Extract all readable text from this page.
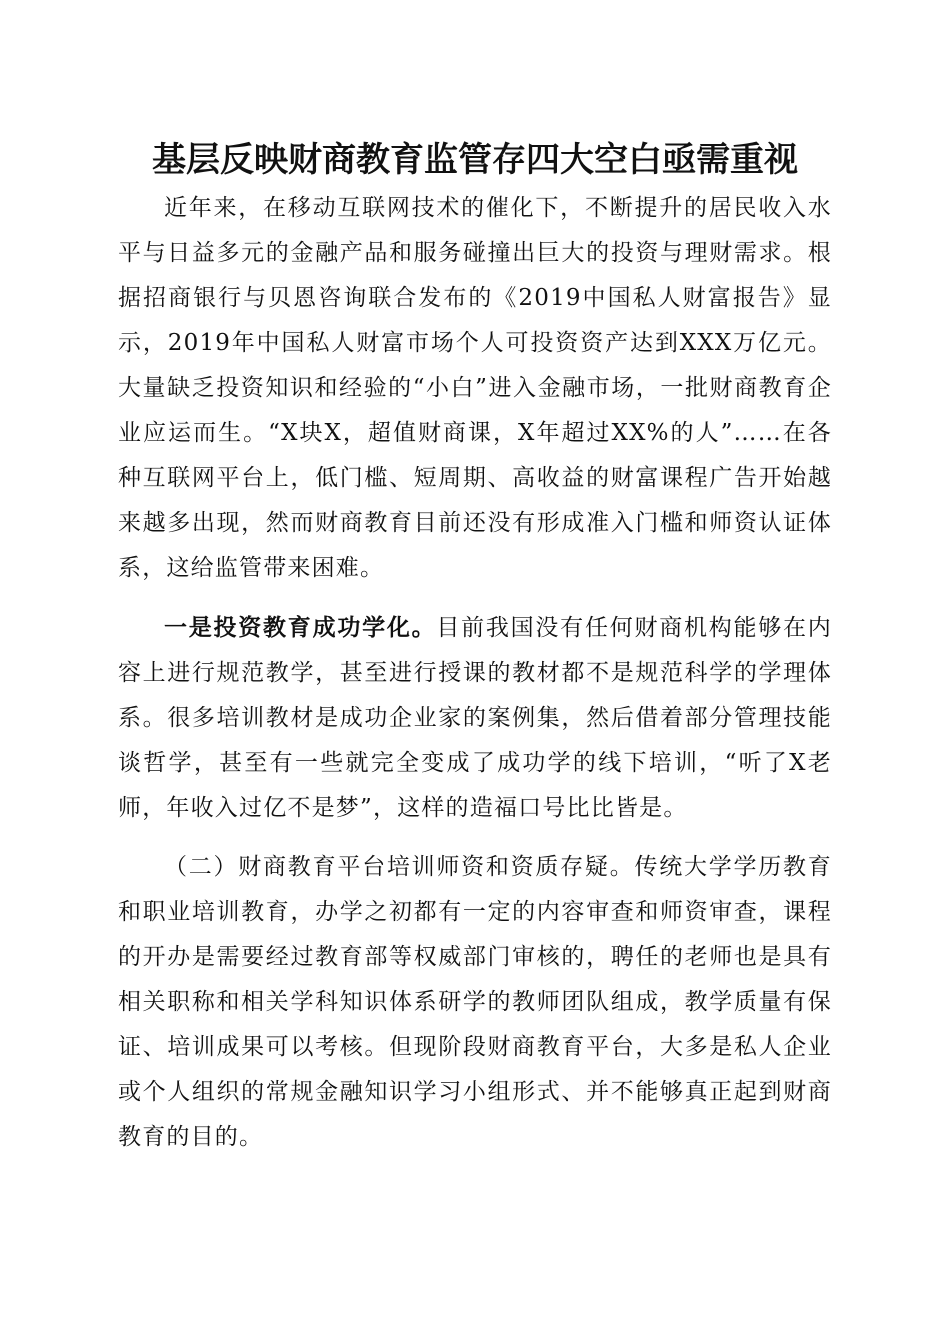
基层反映财商教育监管存四大空白亟需重视

近年来，在移动互联网技术的催化下，不断提升的居民收入水平与日益多元的金融产品和服务碰撞出巨大的投资与理财需求。根据招商银行与贝恩咨询联合发布的《2019中国私人财富报告》显示，2019年中国私人财富市场个人可投资资产达到XXX万亿元。大量缺乏投资知识和经验的“小白”进入金融市场，一批财商教育企业应运而生。“X块X，超值财商课，X年超过XX%的人”……在各种互联网平台上，低门槛、短周期、高收益的财富课程广告开始越来越多出现，然而财商教育目前还没有形成准入门槛和师资认证体系，这给监管带来困难。

一是投资教育成功学化。目前我国没有任何财商机构能够在内容上进行规范教学，甚至进行授课的教材都不是规范科学的学理体系。很多培训教材是成功企业家的案例集，然后借着部分管理技能谈哲学，甚至有一些就完全变成了成功学的线下培训，“听了X老师，年收入过亿不是梦”，这样的造福口号比比皆是。

（二）财商教育平台培训师资和资质存疑。传统大学学历教育和职业培训教育，办学之初都有一定的内容审查和师资审查，课程的开办是需要经过教育部等权威部门审核的，聘任的老师也是具有相关职称和相关学科知识体系研学的教师团队组成，教学质量有保证、培训成果可以考核。但现阶段财商教育平台，大多是私人企业或个人组织的常规金融知识学习小组形式、并不能够真正起到财商教育的目的。
